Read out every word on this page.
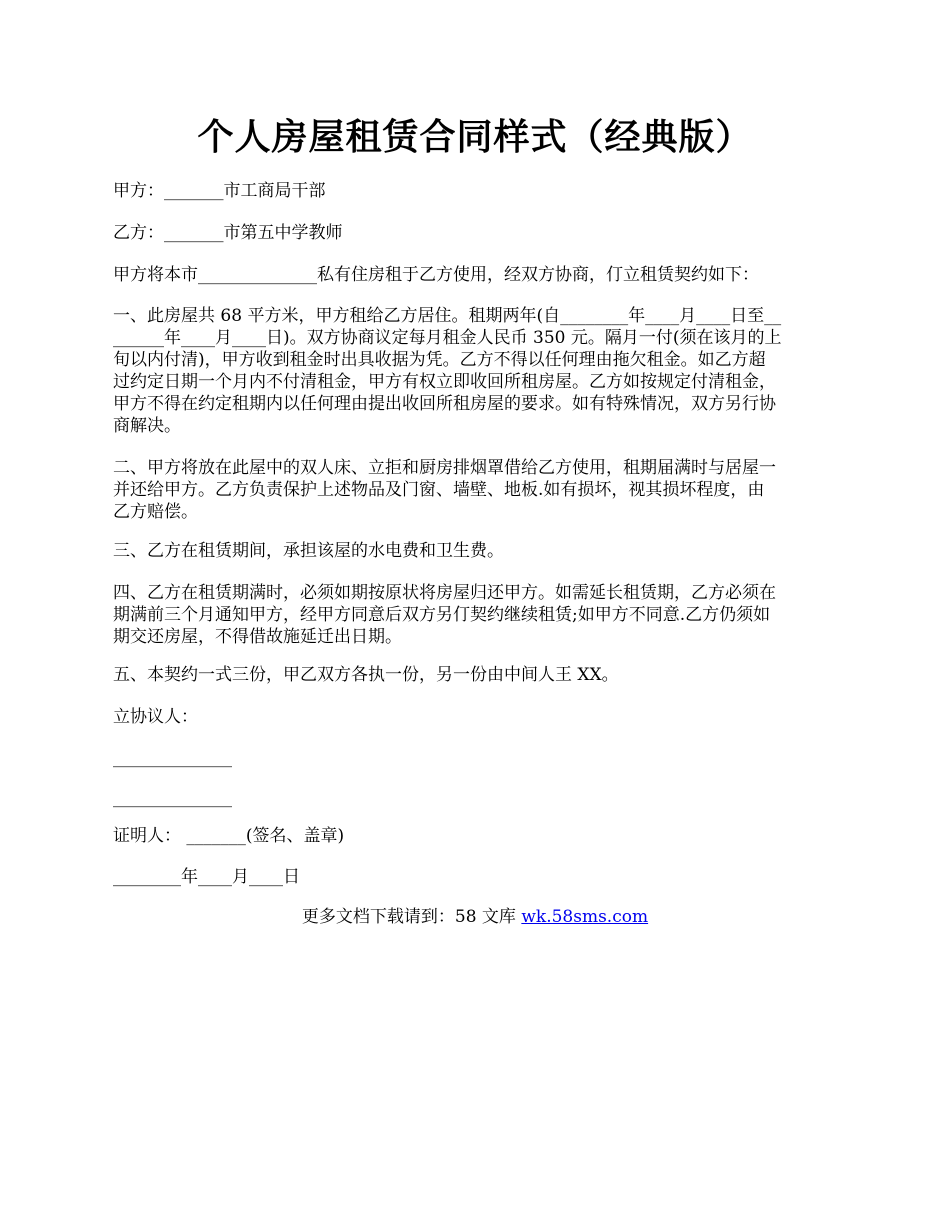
个人房屋租赁合同样式（经典版）

甲方：_______市工商局干部

乙方：_______市第五中学教师

甲方将本市______________私有住房租于乙方使用，经双方协商，仃立租赁契约如下：

一、此房屋共 68 平方米，甲方租给乙方居住。租期两年(自________年____月____日至__
______年____月____日)。双方协商议定每月租金人民币 350 元。隔月一付(须在该月的上
旬以内付清)，甲方收到租金时出具收据为凭。乙方不得以任何理由拖欠租金。如乙方超
过约定日期一个月内不付清租金，甲方有权立即收回所租房屋。乙方如按规定付清租金，
甲方不得在约定租期内以任何理由提出收回所租房屋的要求。如有特殊情况，双方另行协
商解决。
二、甲方将放在此屋中的双人床、立拒和厨房排烟罩借给乙方使用，租期届满时与居屋一
并还给甲方。乙方负责保护上述物品及门窗、墙壁、地板.如有损坏，视其损坏程度，由
乙方赔偿。

三、乙方在租赁期间，承担该屋的水电费和卫生费。

四、乙方在租赁期满时，必须如期按原状将房屋归还甲方。如需延长租赁期，乙方必须在
期满前三个月通知甲方，经甲方同意后双方另仃契约继续租赁;如甲方不同意.乙方仍须如
期交还房屋，不得借故施延迁出日期。

五、本契约一式三份，甲乙双方各执一份，另一份由中间人王 XX。

立协议人：

______________

______________

证明人： _______(签名、盖章)

________年____月____日

更多文档下载请到：58 文库 wk.58sms.com
